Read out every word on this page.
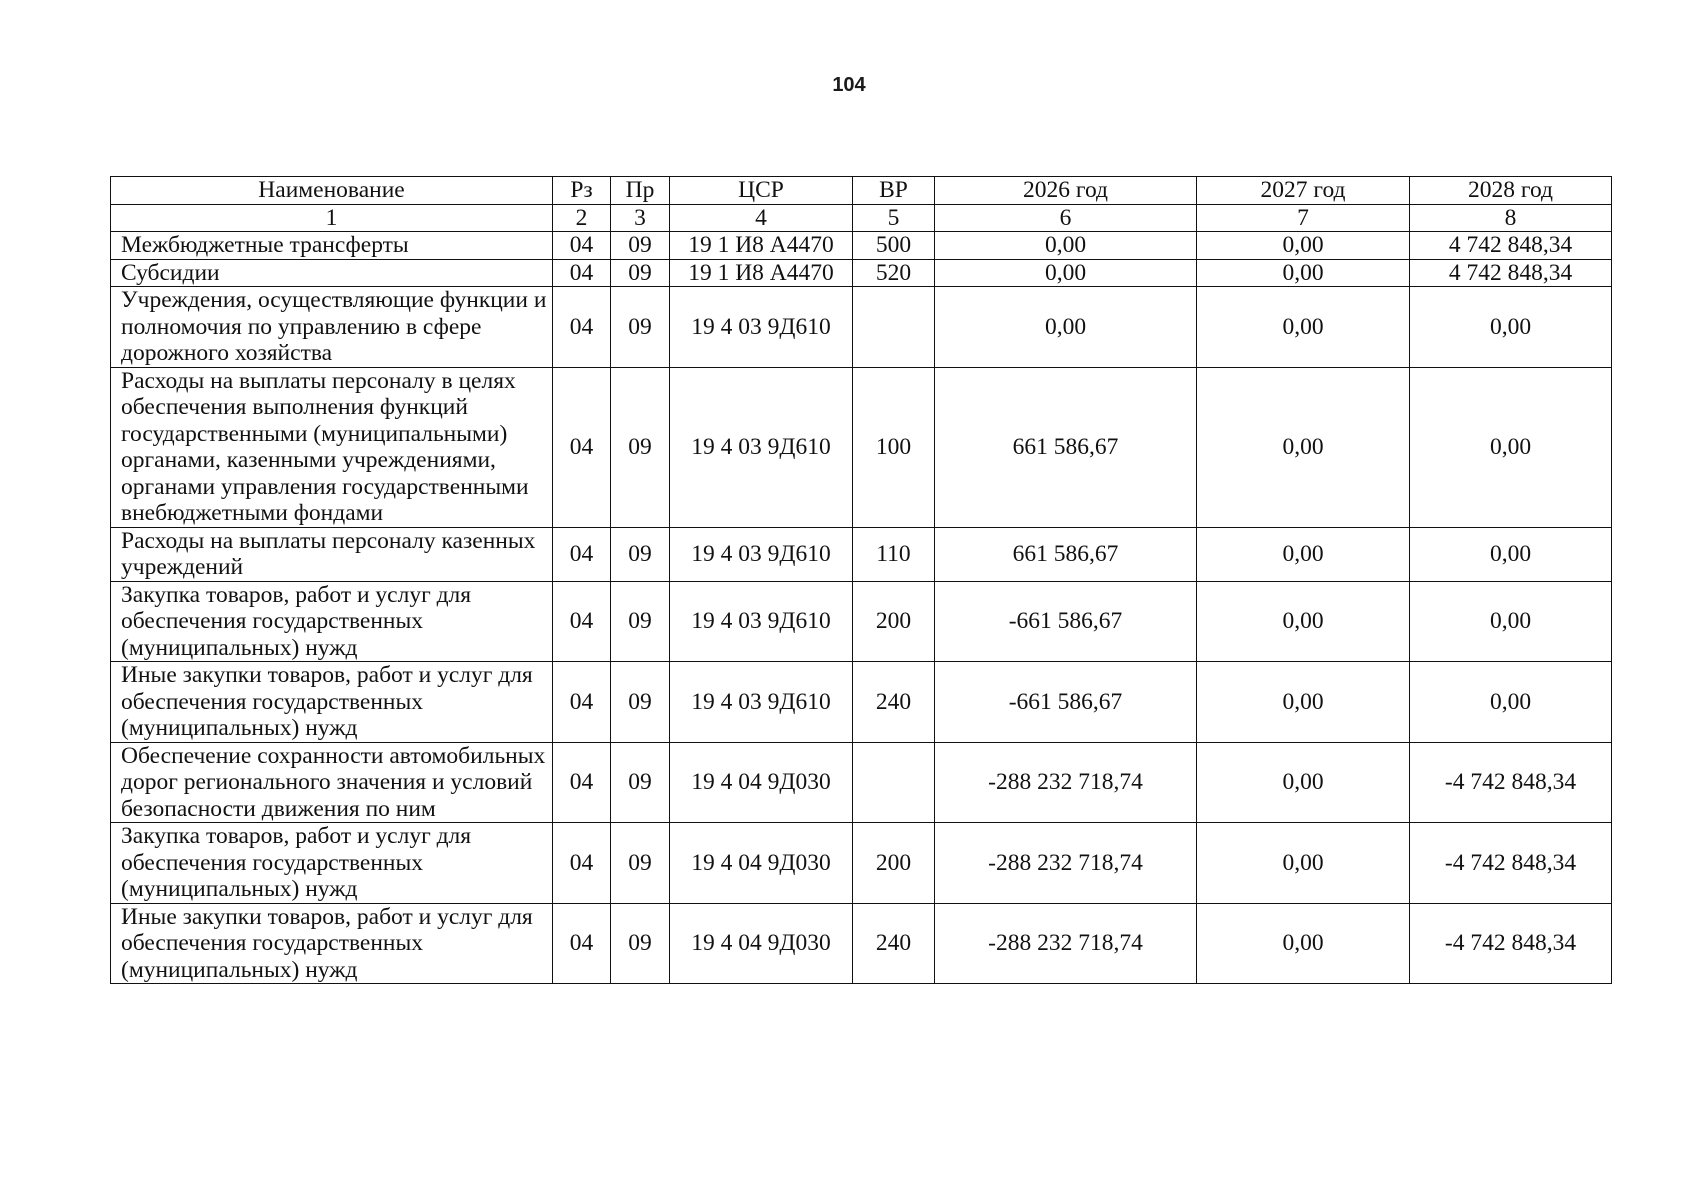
104
Наименование	Рз	Пр	ЦСР	ВР	2026 год	2027 год	2028 год
1	2	3	4	5	6	7	8
Межбюджетные трансферты	04	09	19 1 И8 А4470	500	0,00	0,00	4 742 848,34
Субсидии	04	09	19 1 И8 А4470	520	0,00	0,00	4 742 848,34
Учреждения, осуществляющие функции и полномочия по управлению в сфере дорожного хозяйства	04	09	19 4 03 9Д610		0,00	0,00	0,00
Расходы на выплаты персоналу в целях обеспечения выполнения функций государственными (муниципальными) органами, казенными учреждениями, органами управления государственными внебюджетными фондами	04	09	19 4 03 9Д610	100	661 586,67	0,00	0,00
Расходы на выплаты персоналу казенных учреждений	04	09	19 4 03 9Д610	110	661 586,67	0,00	0,00
Закупка товаров, работ и услуг для обеспечения государственных (муниципальных) нужд	04	09	19 4 03 9Д610	200	-661 586,67	0,00	0,00
Иные закупки товаров, работ и услуг для обеспечения государственных (муниципальных) нужд	04	09	19 4 03 9Д610	240	-661 586,67	0,00	0,00
Обеспечение сохранности автомобильных дорог регионального значения и условий безопасности движения по ним	04	09	19 4 04 9Д030		-288 232 718,74	0,00	-4 742 848,34
Закупка товаров, работ и услуг для обеспечения государственных (муниципальных) нужд	04	09	19 4 04 9Д030	200	-288 232 718,74	0,00	-4 742 848,34
Иные закупки товаров, работ и услуг для обеспечения государственных (муниципальных) нужд	04	09	19 4 04 9Д030	240	-288 232 718,74	0,00	-4 742 848,34
